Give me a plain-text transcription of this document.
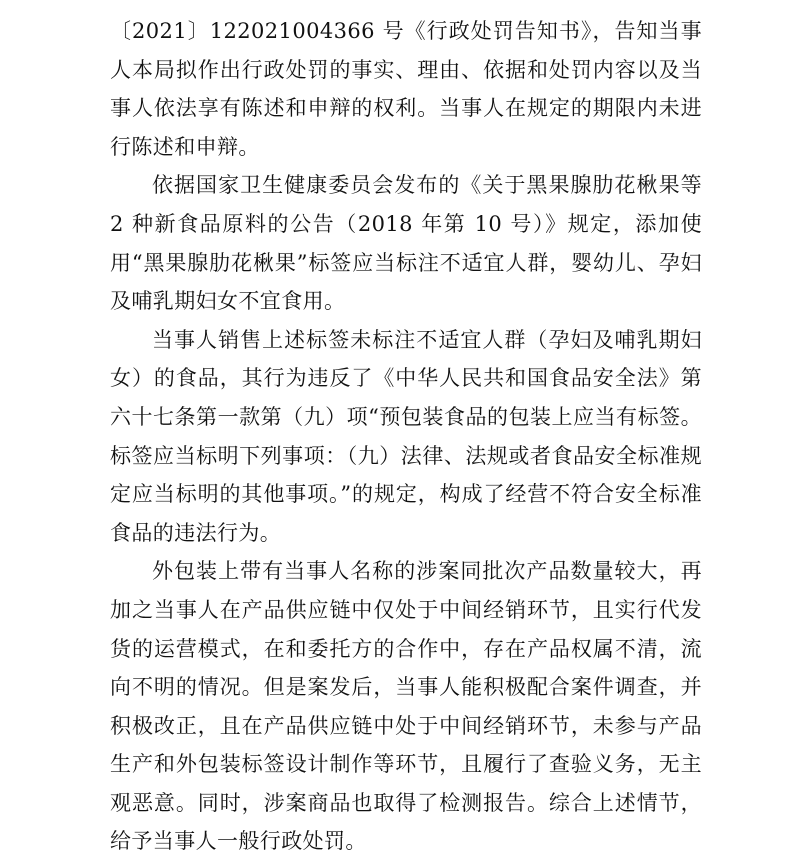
〔2021〕122021004366 号《行政处罚告知书》，告知当事人本局拟作出行政处罚的事实、理由、依据和处罚内容以及当事人依法享有陈述和申辩的权利。当事人在规定的期限内未进行陈述和申辩。

依据国家卫生健康委员会发布的《关于黑果腺肋花楸果等 2 种新食品原料的公告（2018 年第 10 号）》规定，添加使用“黑果腺肋花楸果”标签应当标注不适宜人群，婴幼儿、孕妇及哺乳期妇女不宜食用。

当事人销售上述标签未标注不适宜人群（孕妇及哺乳期妇女）的食品，其行为违反了《中华人民共和国食品安全法》第六十七条第一款第（九）项“预包装食品的包装上应当有标签。标签应当标明下列事项：（九）法律、法规或者食品安全标准规定应当标明的其他事项。”的规定，构成了经营不符合安全标准食品的违法行为。

外包装上带有当事人名称的涉案同批次产品数量较大，再加之当事人在产品供应链中仅处于中间经销环节，且实行代发货的运营模式，在和委托方的合作中，存在产品权属不清，流向不明的情况。但是案发后，当事人能积极配合案件调查，并积极改正，且在产品供应链中处于中间经销环节，未参与产品生产和外包装标签设计制作等环节，且履行了查验义务，无主观恶意。同时，涉案商品也取得了检测报告。综合上述情节，给予当事人一般行政处罚。
